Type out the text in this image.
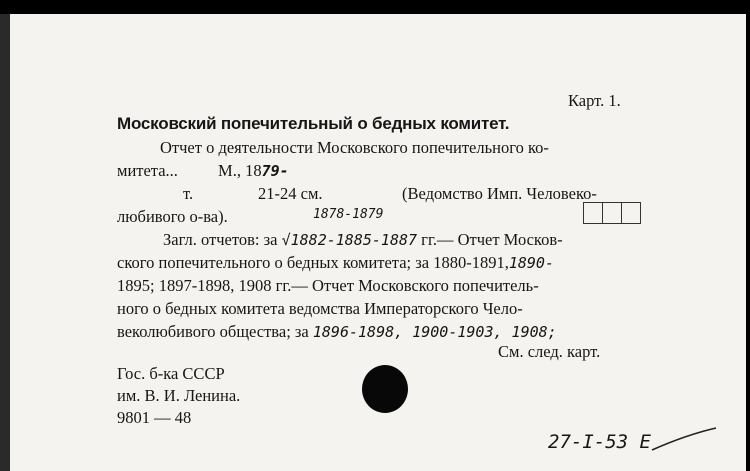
Карт. 1.
Московский попечительный о бедных комитет.
Отчет о деятельности Московского попечительного ко-
митета... М., 1879-
т.	21-24 см.	(Ведомство Имп. Человеко-
любивого о-ва).	1878-1879
Загл. отчетов: за √1882-1885-1887 гг.— Отчет Москов-
ского попечительного о бедных комитета; за 1880-1891,1890-
1895; 1897-1898, 1908 гг.— Отчет Московского попечитель-
ного о бедных комитета ведомства Императорского Чело-
веколюбивого общества; за 1896-1898, 1900-1903, 1908;
См. след. карт.
Гос. б-ка СССР
им. В. И. Ленина.
9801 — 48
27-I-53 Е
